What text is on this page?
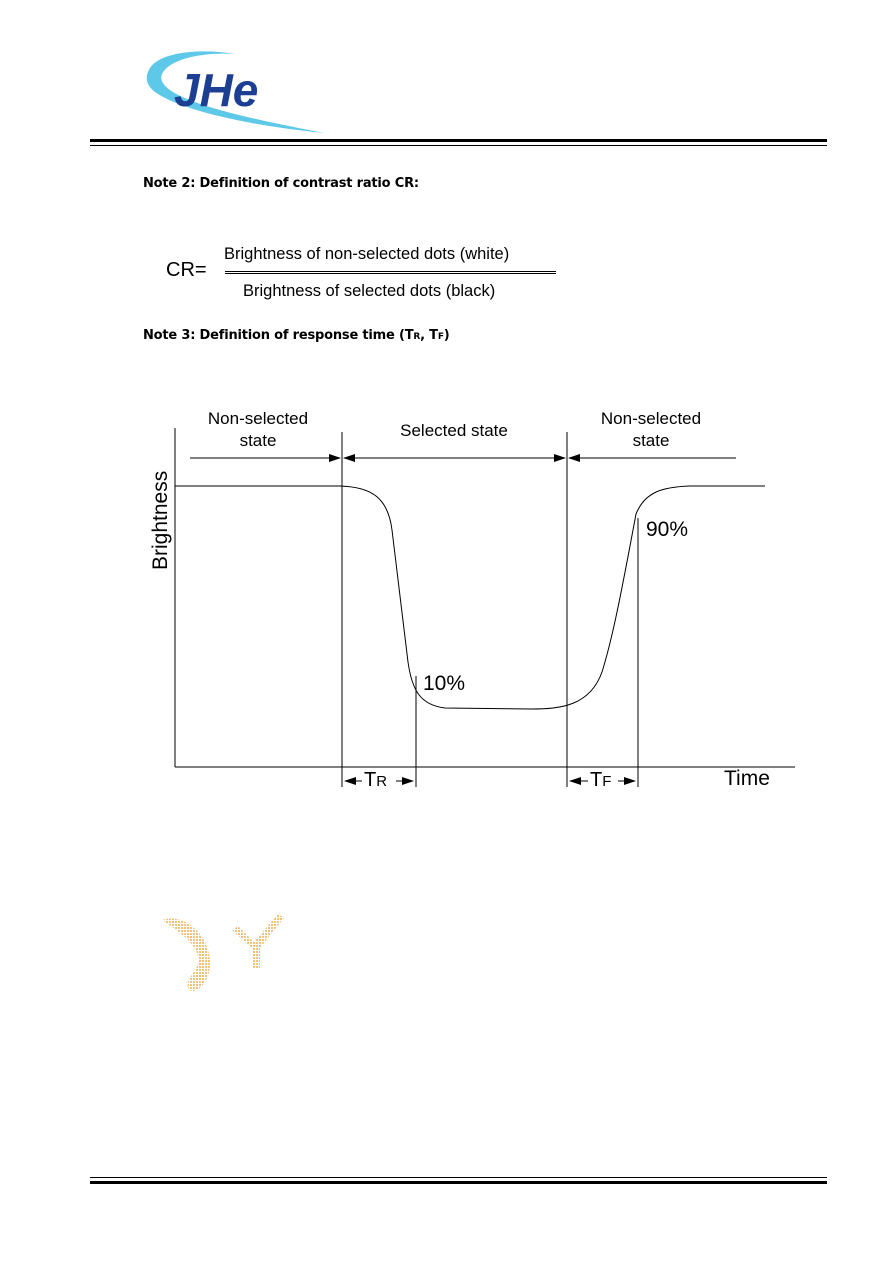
JHe
Note 2: Definition of contrast ratio CR:
CR=
Brightness of non-selected dots (white)
Brightness of selected dots (black)
Note 3: Definition of response time (TR, TF)
Non-selected
state
Selected state
Non-selected
state
Brightness
Time
10%
90%
TR	TF
